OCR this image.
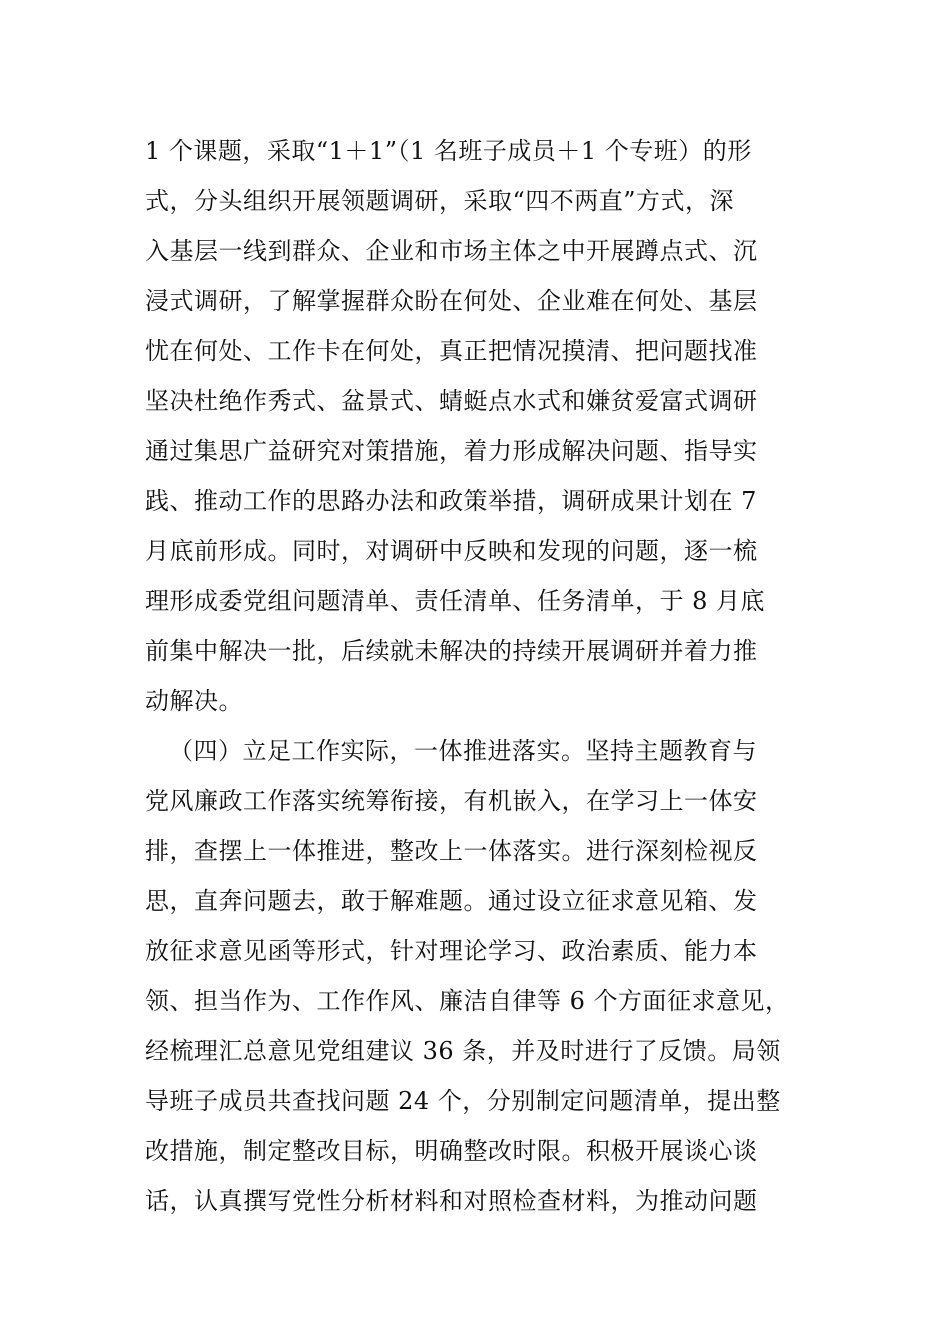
1 个课题，采取“1＋1”（1 名班子成员＋1 个专班）的形
式，分头组织开展领题调研，采取“四不两直”方式，深
入基层一线到群众、企业和市场主体之中开展蹲点式、沉
浸式调研，了解掌握群众盼在何处、企业难在何处、基层
忧在何处、工作卡在何处，真正把情况摸清、把问题找准
坚决杜绝作秀式、盆景式、蜻蜓点水式和嫌贫爱富式调研
通过集思广益研究对策措施，着力形成解决问题、指导实
践、推动工作的思路办法和政策举措，调研成果计划在 7
月底前形成。同时，对调研中反映和发现的问题，逐一梳
理形成委党组问题清单、责任清单、任务清单，于 8 月底
前集中解决一批，后续就未解决的持续开展调研并着力推
动解决。
（四）立足工作实际，一体推进落实。坚持主题教育与
党风廉政工作落实统筹衔接，有机嵌入，在学习上一体安
排，查摆上一体推进，整改上一体落实。进行深刻检视反
思，直奔问题去，敢于解难题。通过设立征求意见箱、发
放征求意见函等形式，针对理论学习、政治素质、能力本
领、担当作为、工作作风、廉洁自律等 6 个方面征求意见，
经梳理汇总意见党组建议 36 条，并及时进行了反馈。局领
导班子成员共查找问题 24 个，分别制定问题清单，提出整
改措施，制定整改目标，明确整改时限。积极开展谈心谈
话，认真撰写党性分析材料和对照检查材料，为推动问题
